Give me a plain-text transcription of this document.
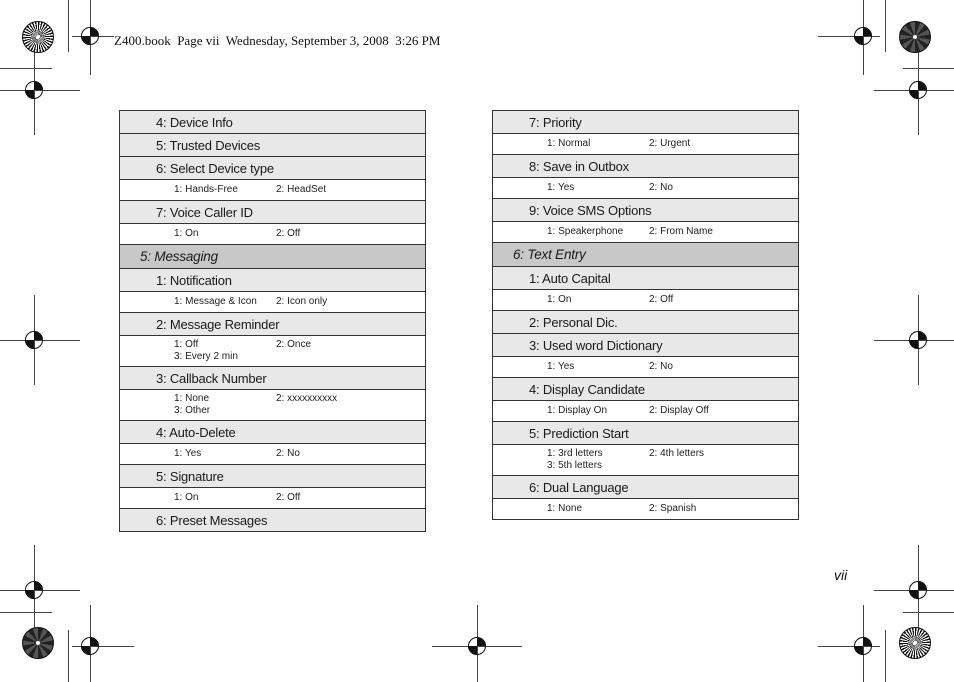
Z400.book  Page vii  Wednesday, September 3, 2008  3:26 PM
4: Device Info
5: Trusted Devices
6: Select Device type
1: Hands-Free	2: HeadSet
7: Voice Caller ID
1: On	2: Off
5: Messaging
1: Notification
1: Message & Icon	2: Icon only
2: Message Reminder
1: Off	2: Once
3: Every 2 min
3: Callback Number
1: None	2: xxxxxxxxxx
3: Other
4: Auto-Delete
1: Yes	2: No
5: Signature
1: On	2: Off
6: Preset Messages
7: Priority
1: Normal	2: Urgent
8: Save in Outbox
1: Yes	2: No
9: Voice SMS Options
1: Speakerphone	2: From Name
6: Text Entry
1: Auto Capital
1: On	2: Off
2: Personal Dic.
3: Used word Dictionary
1: Yes	2: No
4: Display Candidate
1: Display On	2: Display Off
5: Prediction Start
1: 3rd letters	2: 4th letters
3: 5th letters
6: Dual Language
1: None	2: Spanish
vii
